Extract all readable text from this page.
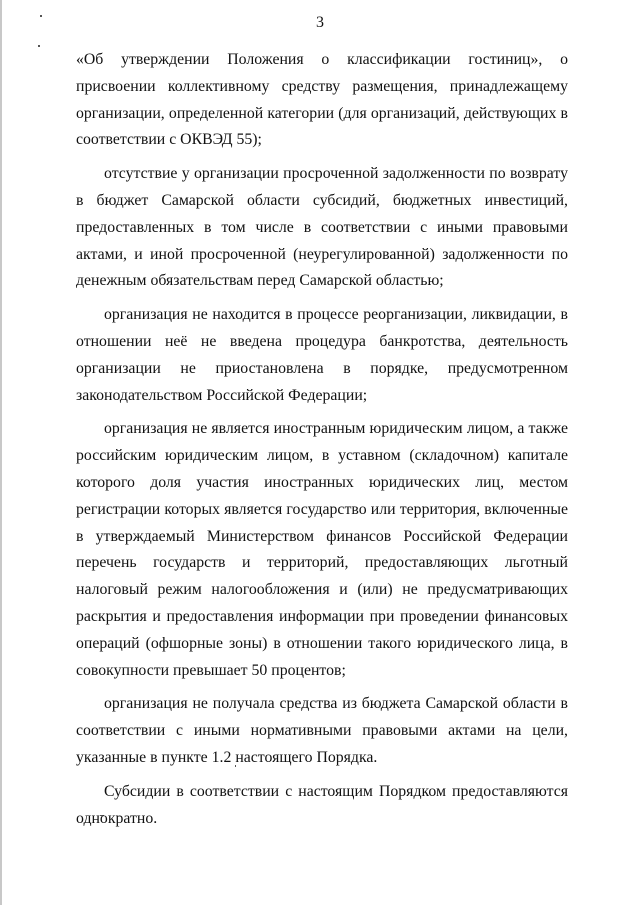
3

«Об утверждении Положения о классификации гостиниц», о присвоении коллективному средству размещения, принадлежащему организации, определенной категории (для организаций, действующих в соответствии с ОКВЭД 55);

отсутствие у организации просроченной задолженности по возврату в бюджет Самарской области субсидий, бюджетных инвестиций, предоставленных в том числе в соответствии с иными правовыми актами, и иной просроченной (неурегулированной) задолженности по денежным обязательствам перед Самарской областью;

организация не находится в процессе реорганизации, ликвидации, в отношении неё не введена процедура банкротства, деятельность организации не приостановлена в порядке, предусмотренном законодательством Российской Федерации;

организация не является иностранным юридическим лицом, а также российским юридическим лицом, в уставном (складочном) капитале которого доля участия иностранных юридических лиц, местом регистрации которых является государство или территория, включенные в утверждаемый Министерством финансов Российской Федерации перечень государств и территорий, предоставляющих льготный налоговый режим налогообложения и (или) не предусматривающих раскрытия и предоставления информации при проведении финансовых операций (офшорные зоны) в отношении такого юридического лица, в совокупности превышает 50 процентов;

организация не получала средства из бюджета Самарской области в соответствии с иными нормативными правовыми актами на цели, указанные в пункте 1.2 настоящего Порядка.

Субсидии в соответствии с настоящим Порядком предоставляются однократно.
